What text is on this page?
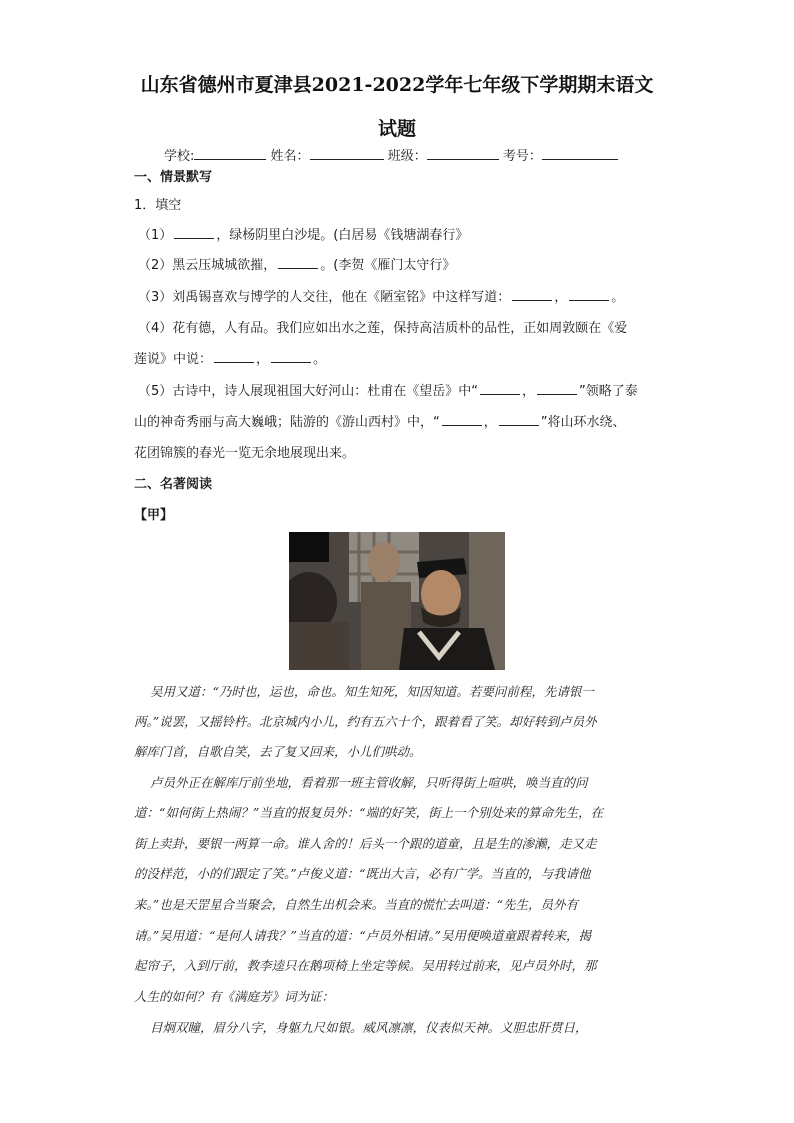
山东省德州市夏津县2021-2022学年七年级下学期期末语文
试题
学校:	姓名：	班级：	考号：
一、情景默写
1．填空
（1）	，绿杨阴里白沙堤。(白居易《钱塘湖春行》
（2）黑云压城城欲摧，	。(李贺《雁门太守行》
（3）刘禹锡喜欢与博学的人交往，他在《陋室铭》中这样写道：	，	。
（4）花有德，人有品。我们应如出水之莲，保持高洁质朴的品性，正如周敦颐在《爱
莲说》中说：	，	。
（5）古诗中，诗人展现祖国大好河山：杜甫在《望岳》中“	，	”领略了泰
山的神奇秀丽与高大巍峨；陆游的《游山西村》中，“	，	”将山环水绕、
花团锦簇的春光一览无余地展现出来。
二、名著阅读
【甲】
吴用又道：“乃时也，运也，命也。知生知死，知因知道。若要问前程，先请银一
两。”说罢，又摇铃杵。北京城内小儿，约有五六十个，跟着看了笑。却好转到卢员外
解库门首，自歌自笑，去了复又回来，小儿们哄动。
卢员外正在解库厅前坐地，看着那一班主管收解，只听得街上喧哄，唤当直的问
道：“如何街上热闹？”当直的报复员外：“端的好笑，街上一个别处来的算命先生，在
街上卖卦，要银一两算一命。谁人舍的！后头一个跟的道童，且是生的渗濑，走又走
的没样范，小的们跟定了笑。”卢俊义道：“既出大言，必有广学。当直的，与我请他
来。”也是天罡星合当聚会，自然生出机会来。当直的慌忙去叫道：“先生，员外有
请。”吴用道：“是何人请我？”当直的道：“卢员外相请。”吴用便唤道童跟着转来，揭
起帘子，入到厅前，教李逵只在鹅项椅上坐定等候。吴用转过前来，见卢员外时，那
人生的如何？有《满庭芳》词为证：
目炯双瞳，眉分八字，身躯九尺如银。威风凛凛，仪表似天神。义胆忠肝贯日，
